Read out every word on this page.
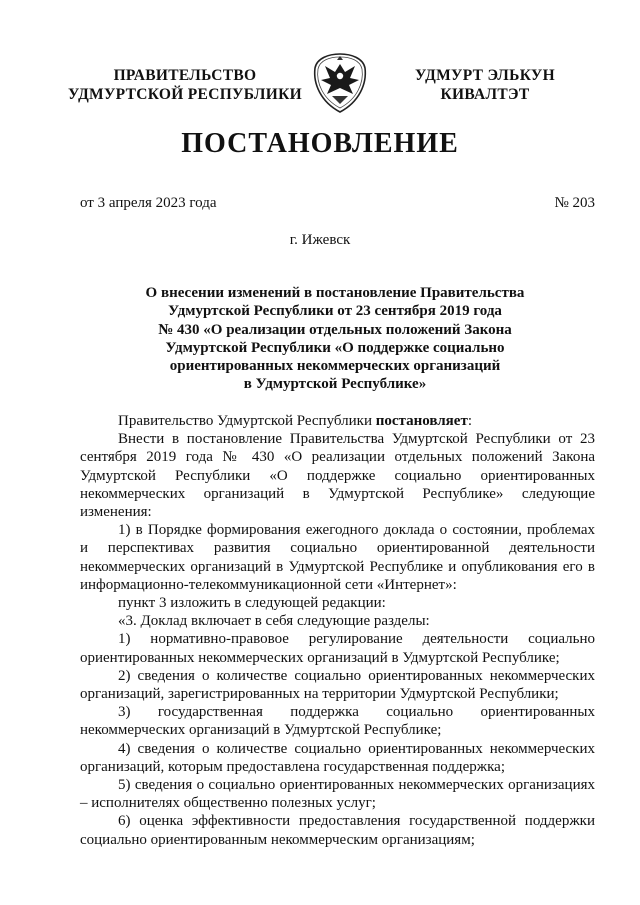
ПРАВИТЕЛЬСТВО
УДМУРТСКОЙ РЕСПУБЛИКИ
УДМУРТ ЭЛЬКУН
КИВАЛТЭТ
ПОСТАНОВЛЕНИЕ
от 3 апреля 2023 года	№ 203
г. Ижевск
О внесении изменений в постановление Правительства
Удмуртской Республики от 23 сентября 2019 года
№ 430 «О реализации отдельных положений Закона
Удмуртской Республики «О поддержке социально
ориентированных некоммерческих организаций
в Удмуртской Республике»

Правительство Удмуртской Республики постановляет:

Внести в постановление Правительства Удмуртской Республики от 23 сентября 2019 года № 430 «О реализации отдельных положений Закона Удмуртской Республики «О поддержке социально ориентированных некоммерческих организаций в Удмуртской Республике» следующие изменения:

1) в Порядке формирования ежегодного доклада о состоянии, проблемах и перспективах развития социально ориентированной деятельности некоммерческих организаций в Удмуртской Республике и опубликования его в информационно-телекоммуникационной сети «Интернет»:

пункт 3 изложить в следующей редакции:

«3. Доклад включает в себя следующие разделы:

1) нормативно-правовое регулирование деятельности социально ориентированных некоммерческих организаций в Удмуртской Республике;

2) сведения о количестве социально ориентированных некоммерческих организаций, зарегистрированных на территории Удмуртской Республики;

3) государственная поддержка социально ориентированных некоммерческих организаций в Удмуртской Республике;

4) сведения о количестве социально ориентированных некоммерческих организаций, которым предоставлена государственная поддержка;

5) сведения о социально ориентированных некоммерческих организациях – исполнителях общественно полезных услуг;

6) оценка эффективности предоставления государственной поддержки социально ориентированным некоммерческим организациям;
